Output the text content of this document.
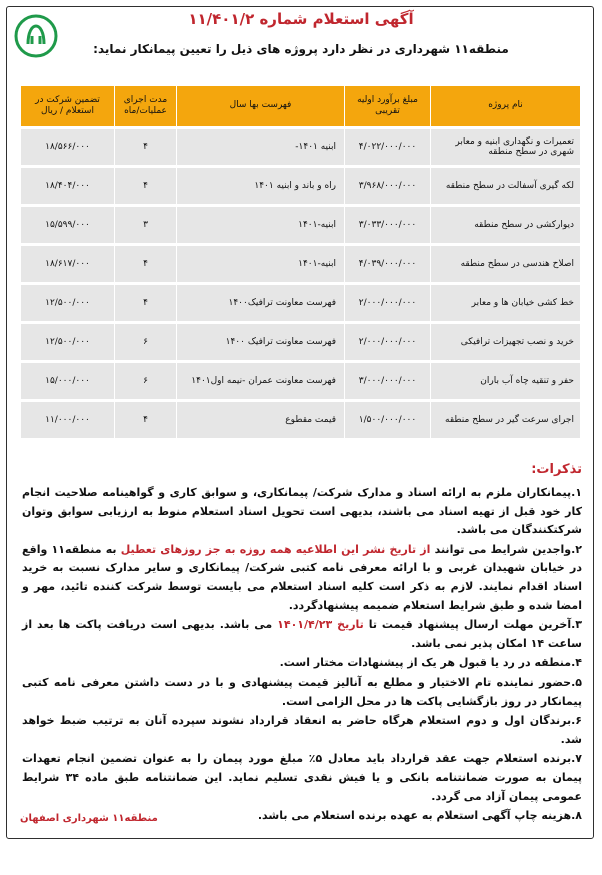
آگهی استعلام شماره ۱۱/۴۰۱/۲
منطقه۱۱ شهرداری در نظر دارد پروژه های ذیل را تعیین پیمانکار نماید:
نام پروژه	مبلغ برآورد اولیه تقریبی	فهرست بها سال	مدت اجرای عملیات/ماه	تضمین شرکت در استعلام / ریال
تعمیرات و نگهداری ابنیه و معابر شهری در سطح منطقه	۴/۰۲۲/۰۰۰/۰۰۰	ابنیه ۱۴۰۱-	۴	۱۸/۵۶۶/۰۰۰
لکه گیری آسفالت در سطح منطقه	۳/۹۶۸/۰۰۰/۰۰۰	راه و باند و ابنیه ۱۴۰۱	۴	۱۸/۴۰۴/۰۰۰
دیوارکشی در سطح منطقه	۳/۰۳۳/۰۰۰/۰۰۰	ابنیه-۱۴۰۱	۳	۱۵/۵۹۹/۰۰۰
اصلاح هندسی در سطح منطقه	۴/۰۳۹/۰۰۰/۰۰۰	ابنیه-۱۴۰۱	۴	۱۸/۶۱۷/۰۰۰
خط کشی خیابان ها و معابر	۲/۰۰۰/۰۰۰/۰۰۰	فهرست معاونت ترافیک۱۴۰۰	۴	۱۲/۵۰۰/۰۰۰
خرید و نصب تجهیزات ترافیکی	۲/۰۰۰/۰۰۰/۰۰۰	فهرست معاونت ترافیک ۱۴۰۰	۶	۱۲/۵۰۰/۰۰۰
حفر و تنقیه چاه آب باران	۳/۰۰۰/۰۰۰/۰۰۰	فهرست معاونت عمران -نیمه اول۱۴۰۱	۶	۱۵/۰۰۰/۰۰۰
اجرای سرعت گیر در سطح منطقه	۱/۵۰۰/۰۰۰/۰۰۰	قیمت مقطوع	۴	۱۱/۰۰۰/۰۰۰
تذکرات:

۱.پیمانکاران ملزم به ارائه اسناد و مدارک شرکت/ پیمانکاری، و سوابق کاری و گواهینامه صلاحیت انجام کار خود قبل از تهیه اسناد می باشند، بدیهی است تحویل اسناد استعلام منوط به ارزیابی سوابق وتوان شرکتکنندگان می باشد.

۲.واجدین شرایط می توانند از تاریخ نشر این اطلاعیه همه روزه به جز روزهای تعطیل به منطقه۱۱ واقع در خیابان شهیدان غربی و با ارائه معرفی نامه کتبی شرکت/ پیمانکاری و سایر مدارک نسبت به خرید اسناد اقدام نمایند. لازم به ذکر است کلیه اسناد استعلام می بایست توسط شرکت کننده تائید، مهر و امضا شده و طبق شرایط استعلام ضمیمه پیشنهادگردد.

۳.آخرین مهلت ارسال پیشنهاد قیمت تا تاریخ ۱۴۰۱/۴/۲۳ می باشد. بدیهی است دریافت پاکت ها بعد از ساعت ۱۴ امکان پذیر نمی باشد.

۴.منطقه در رد یا قبول هر یک از پیشنهادات مختار است.

۵.حضور نماینده تام الاختیار و مطلع به آنالیز قیمت پیشنهادی و با در دست داشتن معرفی نامه کتبی پیمانکار در روز بازگشایی پاکت ها در محل الزامی است.

۶.برندگان اول و دوم استعلام هرگاه حاضر به انعقاد قرارداد نشوند سپرده آنان به ترتیب ضبط خواهد شد.

۷.برنده استعلام جهت عقد قرارداد باید معادل ۵٪ مبلغ مورد پیمان را به عنوان تضمین انجام تعهدات پیمان به صورت ضمانتنامه بانکی و یا فیش نقدی تسلیم نماید. این ضمانتنامه طبق ماده ۳۴ شرایط عمومی پیمان آزاد می گردد.

۸.هزینه چاپ آگهی استعلام به عهده برنده استعلام می باشد.

منطقه۱۱ شهرداری اصفهان
